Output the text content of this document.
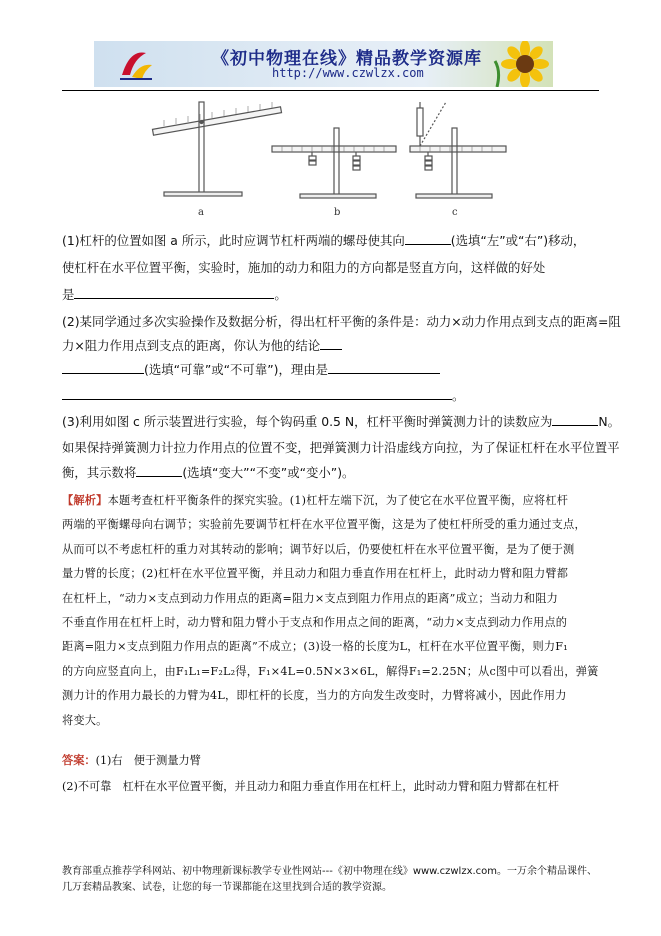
《初中物理在线》精品教学资源库
http://www.czwlzx.com
a	b	c
(1)杠杆的位置如图 a 所示，此时应调节杠杆两端的螺母使其向	(选填“左”或“右”)移动，
使杠杆在水平位置平衡，实验时，施加的动力和阻力的方向都是竖直方向，这样做的好处
是	。
(2)某同学通过多次实验操作及数据分析，得出杠杆平衡的条件是：动力×动力作用点到支点的距离=阻
力×阻力作用点到支点的距离，你认为他的结论
(选填“可靠”或“不可靠”)，理由是
。
(3)利用如图 c 所示装置进行实验，每个钩码重 0.5 N，杠杆平衡时弹簧测力计的读数应为	N。
如果保持弹簧测力计拉力作用点的位置不变，把弹簧测力计沿虚线方向拉，为了保证杠杆在水平位置平
衡，其示数将	(选填“变大”“不变”或“变小”)。
【解析】本题考查杠杆平衡条件的探究实验。(1)杠杆左端下沉，为了使它在水平位置平衡，应将杠杆
两端的平衡螺母向右调节；实验前先要调节杠杆在水平位置平衡，这是为了使杠杆所受的重力通过支点，
从而可以不考虑杠杆的重力对其转动的影响；调节好以后，仍要使杠杆在水平位置平衡，是为了便于测
量力臂的长度；(2)杠杆在水平位置平衡，并且动力和阻力垂直作用在杠杆上，此时动力臂和阻力臂都
在杠杆上，“动力×支点到动力作用点的距离=阻力×支点到阻力作用点的距离”成立；当动力和阻力
不垂直作用在杠杆上时，动力臂和阻力臂小于支点和作用点之间的距离，“动力×支点到动力作用点的
距离=阻力×支点到阻力作用点的距离”不成立；(3)设一格的长度为L，杠杆在水平位置平衡，则力F₁
的方向应竖直向上，由F₁L₁=F₂L₂得，F₁×4L=0.5N×3×6L，解得F₁=2.25N；从c图中可以看出，弹簧
测力计的作用力最长的力臂为4L，即杠杆的长度，当力的方向发生改变时，力臂将减小，因此作用力
将变大。
答案：(1)右　便于测量力臂
(2)不可靠　杠杆在水平位置平衡，并且动力和阻力垂直作用在杠杆上，此时动力臂和阻力臂都在杠杆
教育部重点推荐学科网站、初中物理新课标教学专业性网站---《初中物理在线》www.czwlzx.com。一万余个精品课件、
几万套精品教案、试卷，让您的每一节课都能在这里找到合适的教学资源。
